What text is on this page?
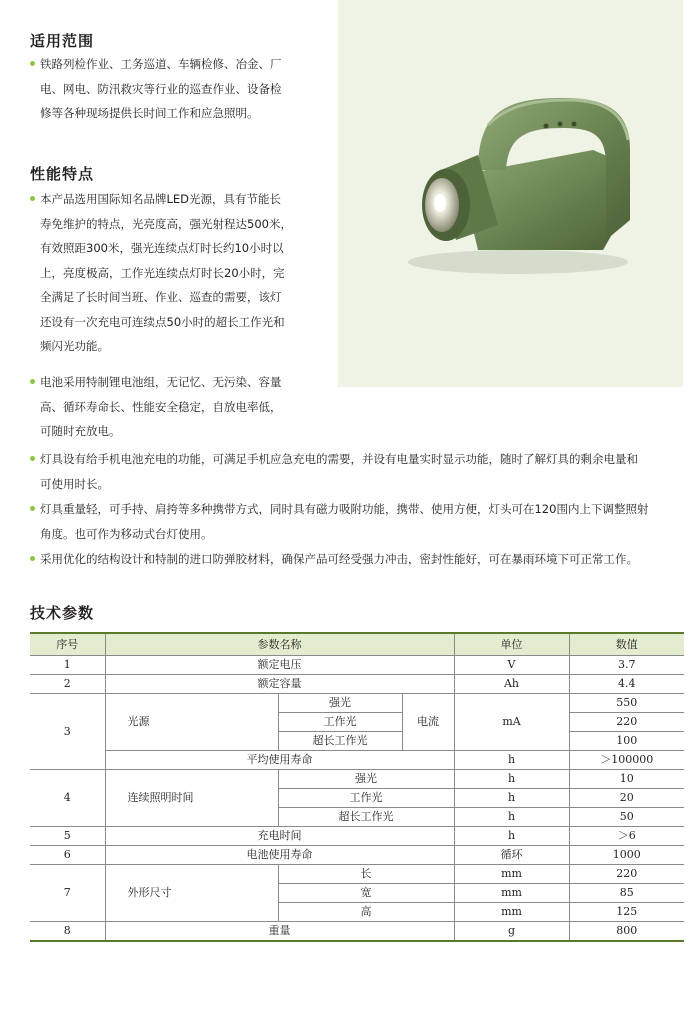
适用范围

铁路列检作业、工务巡道、车辆检修、冶金、厂
电、网电、防汛救灾等行业的巡查作业、设备检
修等各种现场提供长时间工作和应急照明。

性能特点

本产品选用国际知名品牌LED光源，具有节能长
寿免维护的特点，光亮度高，强光射程达500米，
有效照距300米，强光连续点灯时长约10小时以
上，亮度极高，工作光连续点灯时长20小时，完
全满足了长时间当班、作业、巡查的需要，该灯
还设有一次充电可连续点50小时的超长工作光和
频闪光功能。

电池采用特制锂电池组，无记忆、无污染、容量
高、循环寿命长、性能安全稳定，自放电率低，
可随时充放电。

灯具设有给手机电池充电的功能，可满足手机应急充电的需要，并设有电量实时显示功能，随时了解灯具的剩余电量和
可使用时长。

灯具重量轻，可手持、肩挎等多种携带方式，同时具有磁力吸附功能，携带、使用方便，灯头可在120围内上下调整照射
角度。也可作为移动式台灯使用。

采用优化的结构设计和特制的进口防弹胶材料，确保产品可经受强力冲击，密封性能好，可在暴雨环境下可正常工作。

技术参数
序号	参数名称			单位	数值
1	额定电压			V	3.7
2	额定容量			Ah	4.4
3	光源	强光	电流	mA	550
		工作光			220
		超长工作光			100
	平均使用寿命			h	＞100000
4	连续照明时间	强光		h	10
		工作光		h	20
		超长工作光		h	50
5	充电时间			h	＞6
6	电池使用寿命			循环	1000
7	外形尺寸	长		mm	220
		宽		mm	85
		高		mm	125
8	重量			g	800
